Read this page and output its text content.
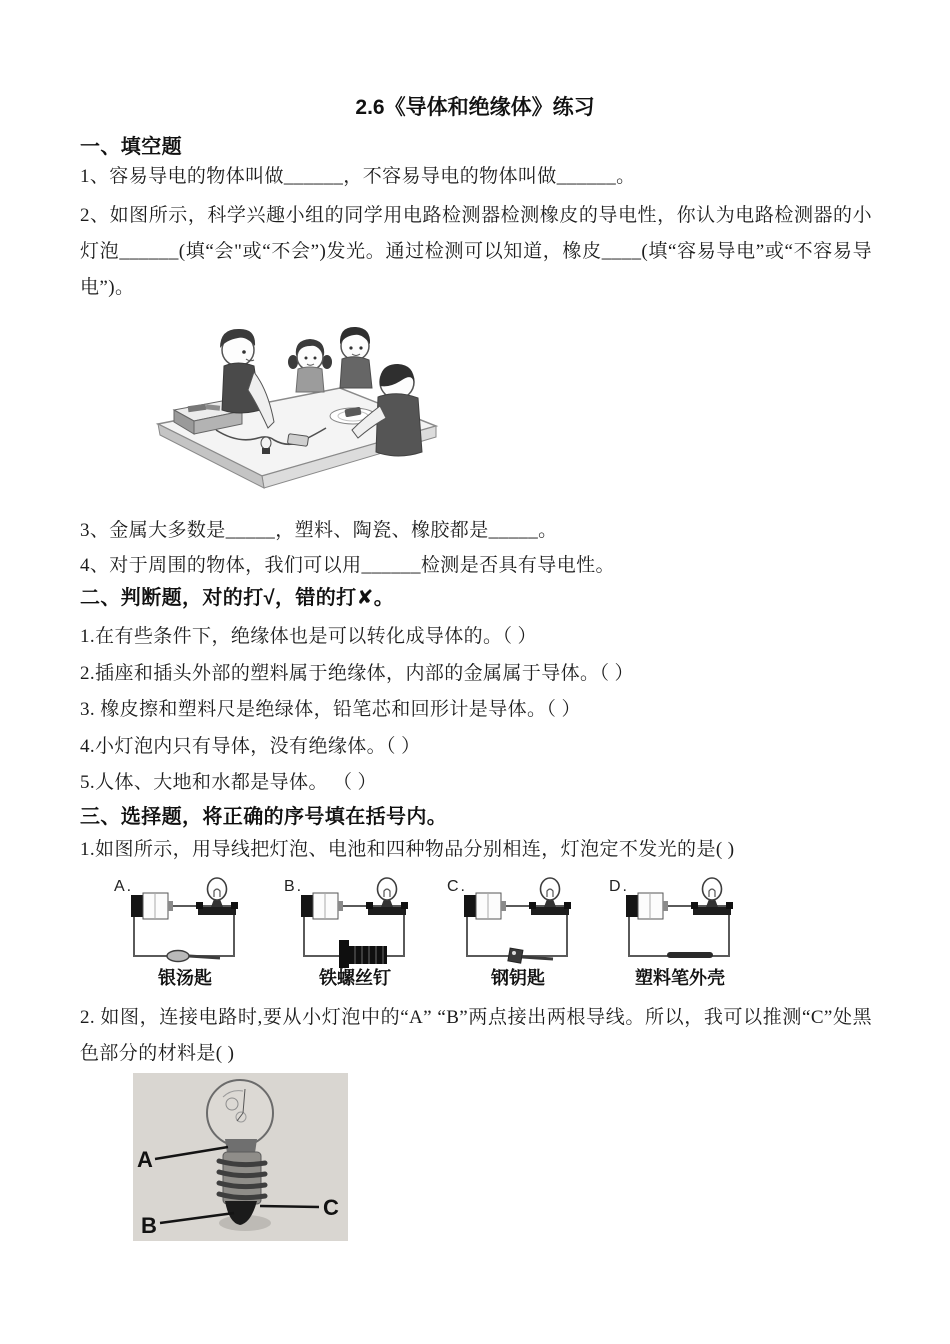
2.6《导体和绝缘体》练习
一、填空题
1、容易导电的物体叫做______，不容易导电的物体叫做______。
2、如图所示，科学兴趣小组的同学用电路检测器检测橡皮的导电性，你认为电路检测器的小灯泡______(填“会"或“不会”)发光。通过检测可以知道，橡皮____(填“容易导电”或“不容易导电”)。
3、金属大多数是_____，塑料、陶瓷、橡胶都是_____。
4、对于周围的物体，我们可以用______检测是否具有导电性。
二、判断题，对的打√，错的打✘。
1.在有些条件下，绝缘体也是可以转化成导体的。（ ）
2.插座和插头外部的塑料属于绝缘体，内部的金属属于导体。（ ）
3. 橡皮擦和塑料尺是绝绿体，铅笔芯和回形计是导体。（ ）
4.小灯泡内只有导体，没有绝缘体。（ ）
5.人体、大地和水都是导体。 （ ）
三、选择题，将正确的序号填在括号内。
1.如图所示，用导线把灯泡、电池和四种物品分别相连，灯泡定不发光的是( )
A.
银汤匙
B.
铁螺丝钉
C.
钢钥匙
D.
塑料笔外壳
2. 如图，连接电路时,要从小灯泡中的“A” “B”两点接出两根导线。所以，我可以推测“C”处黑色部分的材料是( )
A
B
C
